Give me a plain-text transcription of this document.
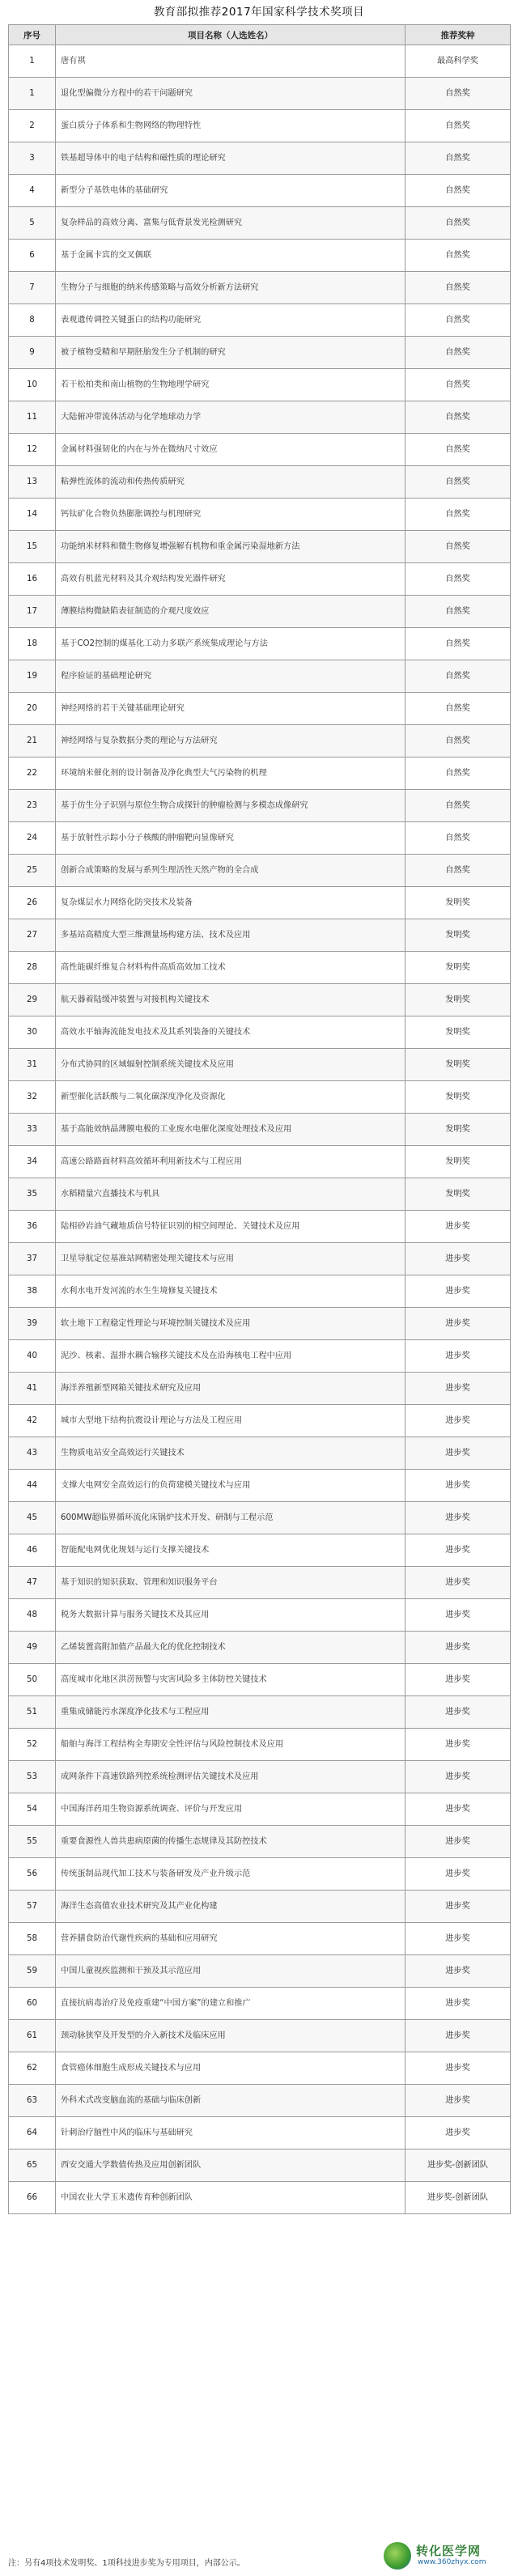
教育部拟推荐2017年国家科学技术奖项目
序号	项目名称（人选姓名）	推荐奖种
1	唐有祺	最高科学奖
1	退化型偏微分方程中的若干问题研究	自然奖
2	蛋白质分子体系和生物网络的物理特性	自然奖
3	铁基超导体中的电子结构和磁性质的理论研究	自然奖
4	新型分子基铁电体的基础研究	自然奖
5	复杂样品的高效分离、富集与低背景发光检测研究	自然奖
6	基于金属卡宾的交叉偶联	自然奖
7	生物分子与细胞的纳米传感策略与高效分析新方法研究	自然奖
8	表观遗传调控关键蛋白的结构功能研究	自然奖
9	被子植物受精和早期胚胎发生分子机制的研究	自然奖
10	若干松柏类和南山植物的生物地理学研究	自然奖
11	大陆俯冲带流体活动与化学地球动力学	自然奖
12	金属材料强韧化的内在与外在微纳尺寸效应	自然奖
13	粘弹性流体的流动和传热传质研究	自然奖
14	钙钛矿化合物负热膨胀调控与机理研究	自然奖
15	功能纳米材料和微生物修复增强解有机物和重金属污染湿地新方法	自然奖
16	高效有机蓝光材料及其介观结构发光器件研究	自然奖
17	薄膜结构微缺陷表征制造的介观尺度效应	自然奖
18	基于CO2控制的煤基化工动力多联产系统集成理论与方法	自然奖
19	程序验证的基础理论研究	自然奖
20	神经网络的若干关键基础理论研究	自然奖
21	神经网络与复杂数据分类的理论与方法研究	自然奖
22	环境纳米催化剂的设计制备及净化典型大气污染物的机理	自然奖
23	基于仿生分子识别与原位生物合成探针的肿瘤检测与多模态成像研究	自然奖
24	基于放射性示踪小分子核酸的肿瘤靶向显像研究	自然奖
25	创新合成策略的发展与系列生理活性天然产物的全合成	自然奖
26	复杂煤层水力网络化防突技术及装备	发明奖
27	多基站高精度大型三维测量场构建方法、技术及应用	发明奖
28	高性能碳纤维复合材料构件高质高效加工技术	发明奖
29	航天器着陆缓冲装置与对接机构关键技术	发明奖
30	高效水平轴海流能发电技术及其系列装备的关键技术	发明奖
31	分布式协同的区域辐射控制系统关键技术及应用	发明奖
32	新型催化活跃酸与二氧化碳深度净化及资源化	发明奖
33	基于高能效纳晶薄膜电极的工业废水电催化深度处理技术及应用	发明奖
34	高速公路路面材料高效循环利用新技术与工程应用	发明奖
35	水稻精量穴直播技术与机具	发明奖
36	陆相砂岩油气藏地质信号特征识别的相空间理论、关键技术及应用	进步奖
37	卫星导航定位基准站网精密处理关键技术与应用	进步奖
38	水利水电开发河流的水生生境修复关键技术	进步奖
39	软土地下工程稳定性理论与环境控制关键技术及应用	进步奖
40	泥沙、核素、温排水耦合输移关键技术及在沿海核电工程中应用	进步奖
41	海洋养殖新型网箱关键技术研究及应用	进步奖
42	城市大型地下结构抗震设计理论与方法及工程应用	进步奖
43	生物质电站安全高效运行关键技术	进步奖
44	支撑大电网安全高效运行的负荷建模关键技术与应用	进步奖
45	600MW超临界循环流化床锅炉技术开发、研制与工程示范	进步奖
46	智能配电网优化规划与运行支撑关键技术	进步奖
47	基于知识的知识获取、管理和知识服务平台	进步奖
48	税务大数据计算与服务关键技术及其应用	进步奖
49	乙烯装置高附加值产品最大化的优化控制技术	进步奖
50	高度城市化地区洪涝预警与灾害风险多主体防控关键技术	进步奖
51	重集成储能污水深度净化技术与工程应用	进步奖
52	船舶与海洋工程结构全寿期安全性评估与风险控制技术及应用	进步奖
53	成网条件下高速铁路列控系统检测评估关键技术及应用	进步奖
54	中国海洋药用生物资源系统调查、评价与开发应用	进步奖
55	重要食源性人兽共患病原菌的传播生态规律及其防控技术	进步奖
56	传统蛋制品现代加工技术与装备研发及产业升级示范	进步奖
57	海洋生态高值农业技术研究及其产业化构建	进步奖
58	营养膳食防治代谢性疾病的基础和应用研究	进步奖
59	中国儿童视疾监测和干预及其示范应用	进步奖
60	直接抗病毒治疗及免疫重建“中国方案”的建立和推广	进步奖
61	颈动脉狭窄及开发型的介入新技术及临床应用	进步奖
62	食管癌体细胞生成形成关键技术与应用	进步奖
63	外科术式改变脑血流的基础与临床创新	进步奖
64	针刺治疗脑性中风的临床与基础研究	进步奖
65	西安交通大学数值传热及应用创新团队	进步奖-创新团队
66	中国农业大学玉米遗传育种创新团队	进步奖-创新团队
注：另有4项技术发明奖、1项科技进步奖为专用项目，内部公示。
转化医学网
www.360zhyx.com
